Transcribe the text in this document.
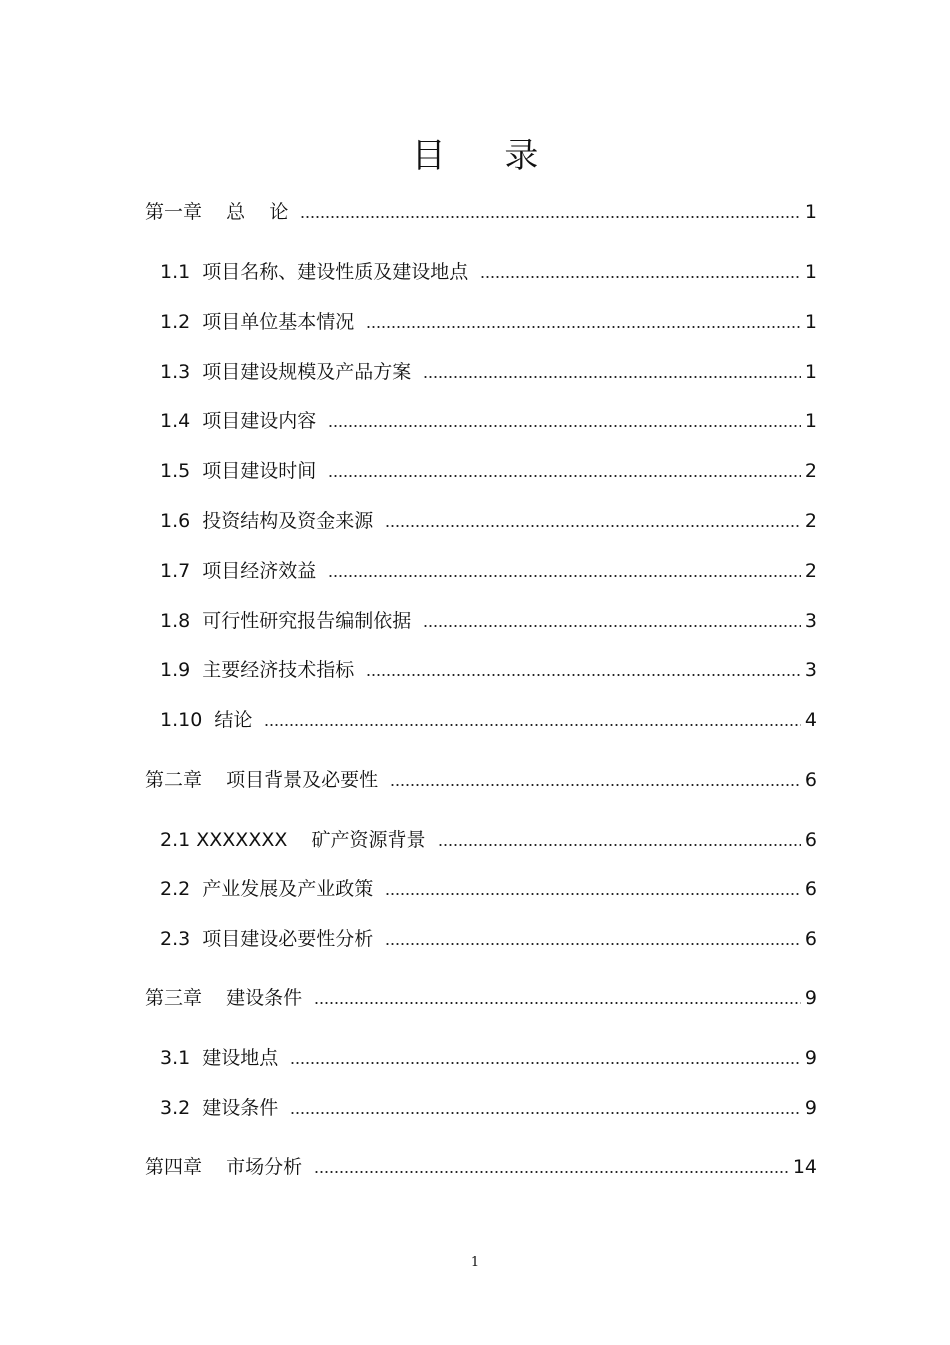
目 录
第一章    总    论	1
1.1  项目名称、建设性质及建设地点	1
1.2  项目单位基本情况	1
1.3  项目建设规模及产品方案	1
1.4  项目建设内容	1
1.5  项目建设时间	2
1.6  投资结构及资金来源	2
1.7  项目经济效益	2
1.8  可行性研究报告编制依据	3
1.9  主要经济技术指标	3
1.10  结论	4
第二章    项目背景及必要性	6
2.1 XXXXXXX    矿产资源背景	6
2.2  产业发展及产业政策	6
2.3  项目建设必要性分析	6
第三章    建设条件	9
3.1  建设地点	9
3.2  建设条件	9
第四章    市场分析	14
1
